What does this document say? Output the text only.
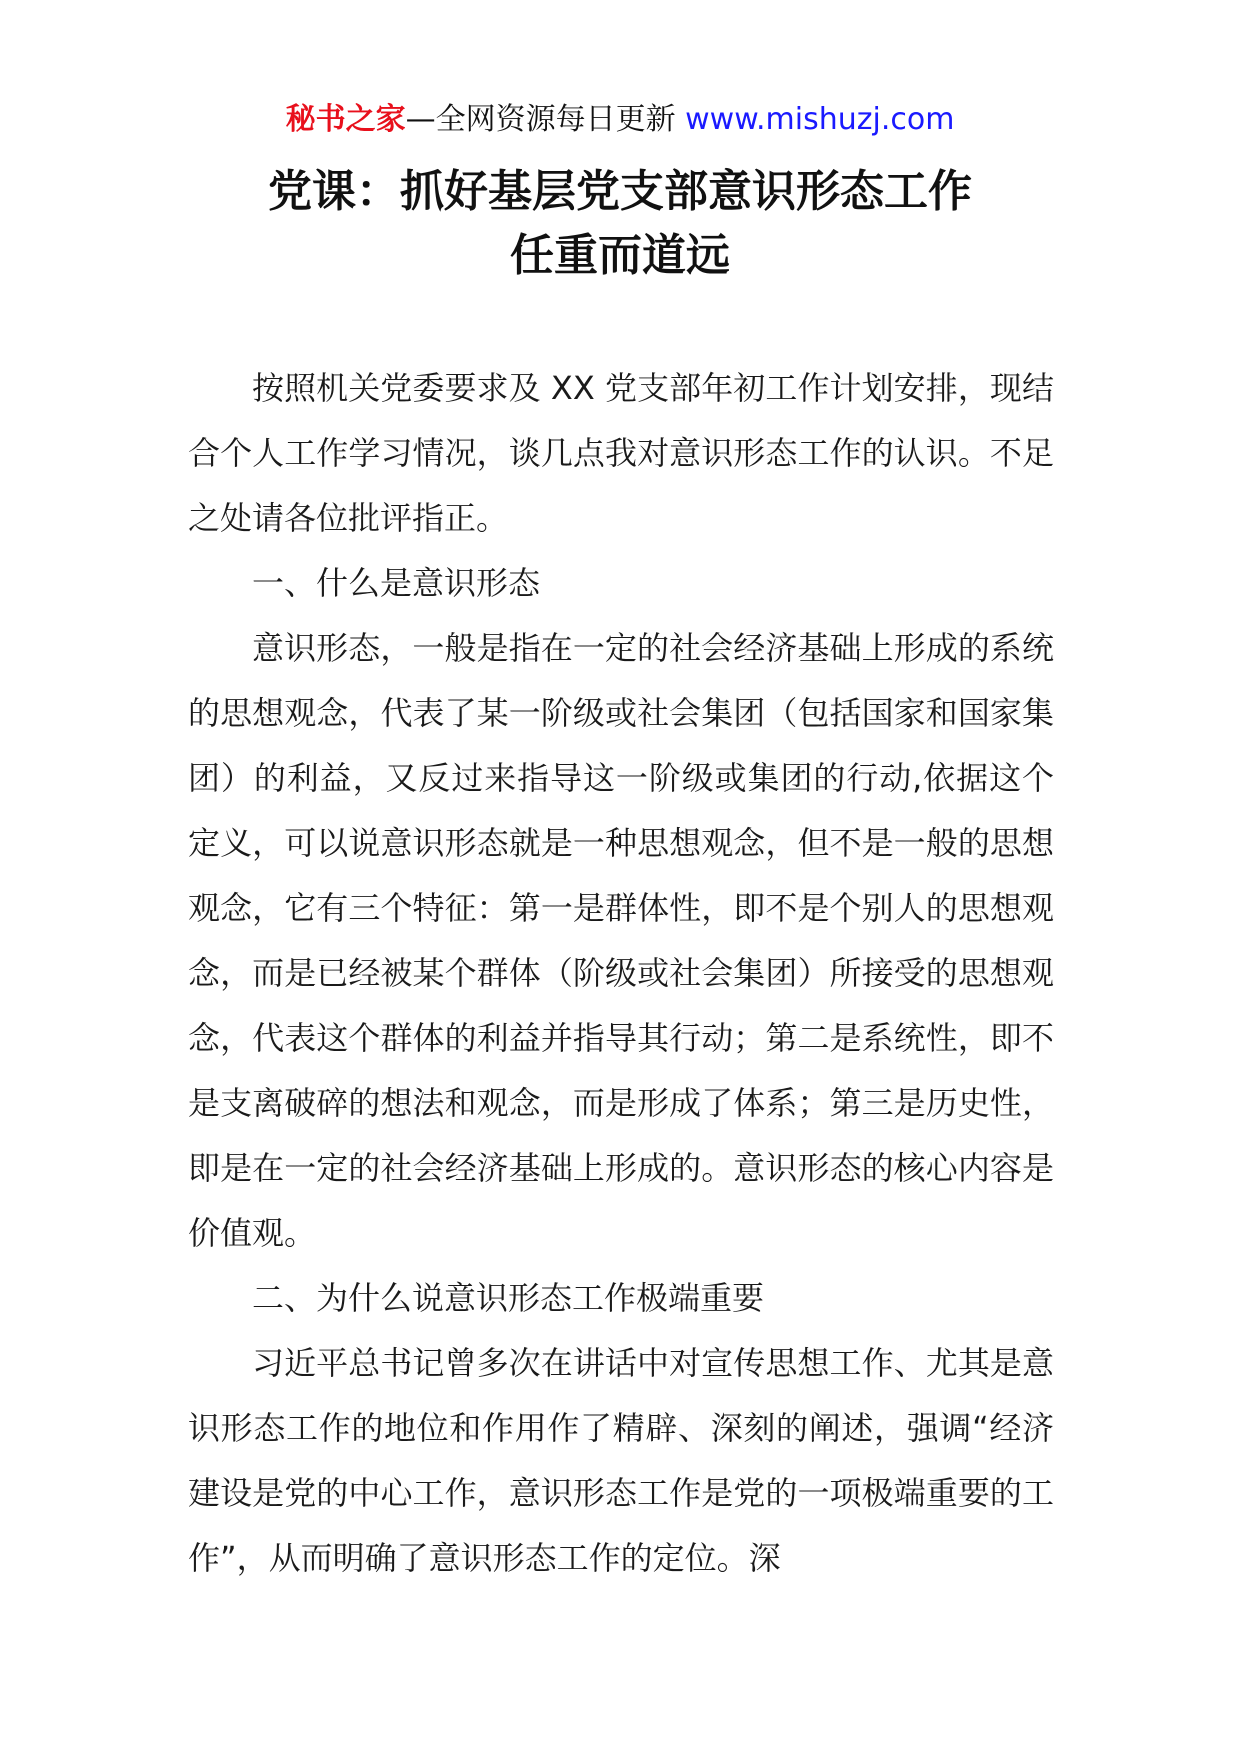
秘书之家—全网资源每日更新 www.mishuzj.com
党课：抓好基层党支部意识形态工作
任重而道远

按照机关党委要求及 XX 党支部年初工作计划安排，现结合个人工作学习情况，谈几点我对意识形态工作的认识。不足之处请各位批评指正。

一、什么是意识形态

意识形态，一般是指在一定的社会经济基础上形成的系统的思想观念，代表了某一阶级或社会集团（包括国家和国家集团）的利益，又反过来指导这一阶级或集团的行动,依据这个定义，可以说意识形态就是一种思想观念，但不是一般的思想观念，它有三个特征：第一是群体性，即不是个别人的思想观念，而是已经被某个群体（阶级或社会集团）所接受的思想观念，代表这个群体的利益并指导其行动；第二是系统性，即不是支离破碎的想法和观念，而是形成了体系；第三是历史性，即是在一定的社会经济基础上形成的。意识形态的核心内容是价值观。

二、为什么说意识形态工作极端重要

习近平总书记曾多次在讲话中对宣传思想工作、尤其是意识形态工作的地位和作用作了精辟、深刻的阐述，强调“经济建设是党的中心工作，意识形态工作是党的一项极端重要的工作”，从而明确了意识形态工作的定位。深
